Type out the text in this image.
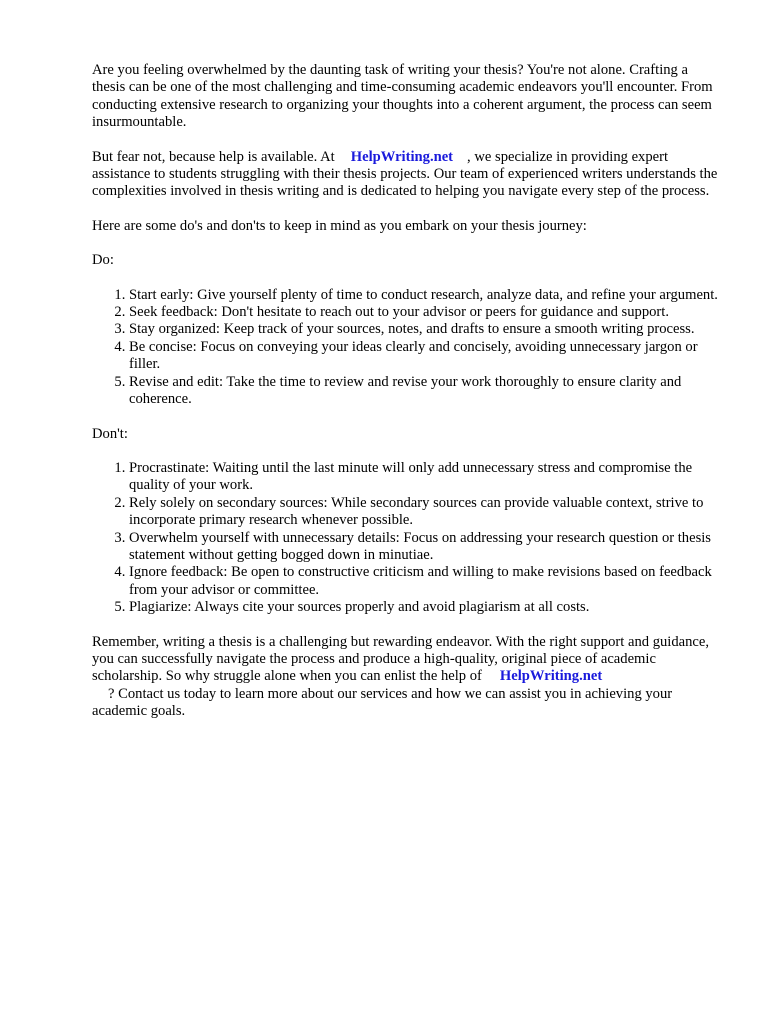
Are you feeling overwhelmed by the daunting task of writing your thesis? You're not alone. Crafting a thesis can be one of the most challenging and time-consuming academic endeavors you'll encounter. From conducting extensive research to organizing your thoughts into a coherent argument, the process can seem insurmountable.

But fear not, because help is available. At HelpWriting.net , we specialize in providing expert assistance to students struggling with their thesis projects. Our team of experienced writers understands the complexities involved in thesis writing and is dedicated to helping you navigate every step of the process.

Here are some do's and don'ts to keep in mind as you embark on your thesis journey:

Do:

1. Start early: Give yourself plenty of time to conduct research, analyze data, and refine your argument.
2. Seek feedback: Don't hesitate to reach out to your advisor or peers for guidance and support.
3. Stay organized: Keep track of your sources, notes, and drafts to ensure a smooth writing process.
4. Be concise: Focus on conveying your ideas clearly and concisely, avoiding unnecessary jargon or filler.
5. Revise and edit: Take the time to review and revise your work thoroughly to ensure clarity and coherence.

Don't:

1. Procrastinate: Waiting until the last minute will only add unnecessary stress and compromise the quality of your work.
2. Rely solely on secondary sources: While secondary sources can provide valuable context, strive to incorporate primary research whenever possible.
3. Overwhelm yourself with unnecessary details: Focus on addressing your research question or thesis statement without getting bogged down in minutiae.
4. Ignore feedback: Be open to constructive criticism and willing to make revisions based on feedback from your advisor or committee.
5. Plagiarize: Always cite your sources properly and avoid plagiarism at all costs.

Remember, writing a thesis is a challenging but rewarding endeavor. With the right support and guidance, you can successfully navigate the process and produce a high-quality, original piece of academic scholarship. So why struggle alone when you can enlist the help of HelpWriting.net
? Contact us today to learn more about our services and how we can assist you in achieving your academic goals.
